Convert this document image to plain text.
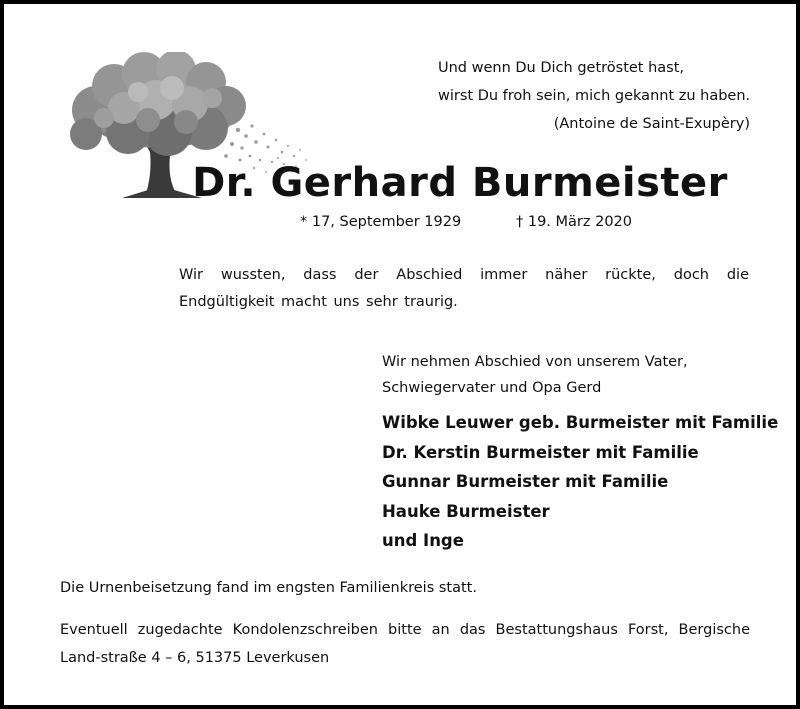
Und wenn Du Dich getröstet hast,
wirst Du froh sein, mich gekannt zu haben.
(Antoine de Saint-Exupèry)
Dr. Gerhard Burmeister
* 17, September 1929	† 19. März 2020
Wir wussten, dass der Abschied immer näher rückte, doch die Endgültigkeit macht uns sehr traurig.
Wir nehmen Abschied von unserem Vater,
Schwiegervater und Opa Gerd
Wibke Leuwer geb. Burmeister mit Familie
Dr. Kerstin Burmeister mit Familie
Gunnar Burmeister mit Familie
Hauke Burmeister
und Inge
Die Urnenbeisetzung fand im engsten Familienkreis statt.
Eventuell zugedachte Kondolenzschreiben bitte an das Bestattungshaus Forst, Bergische Land-straße 4 – 6, 51375 Leverkusen
